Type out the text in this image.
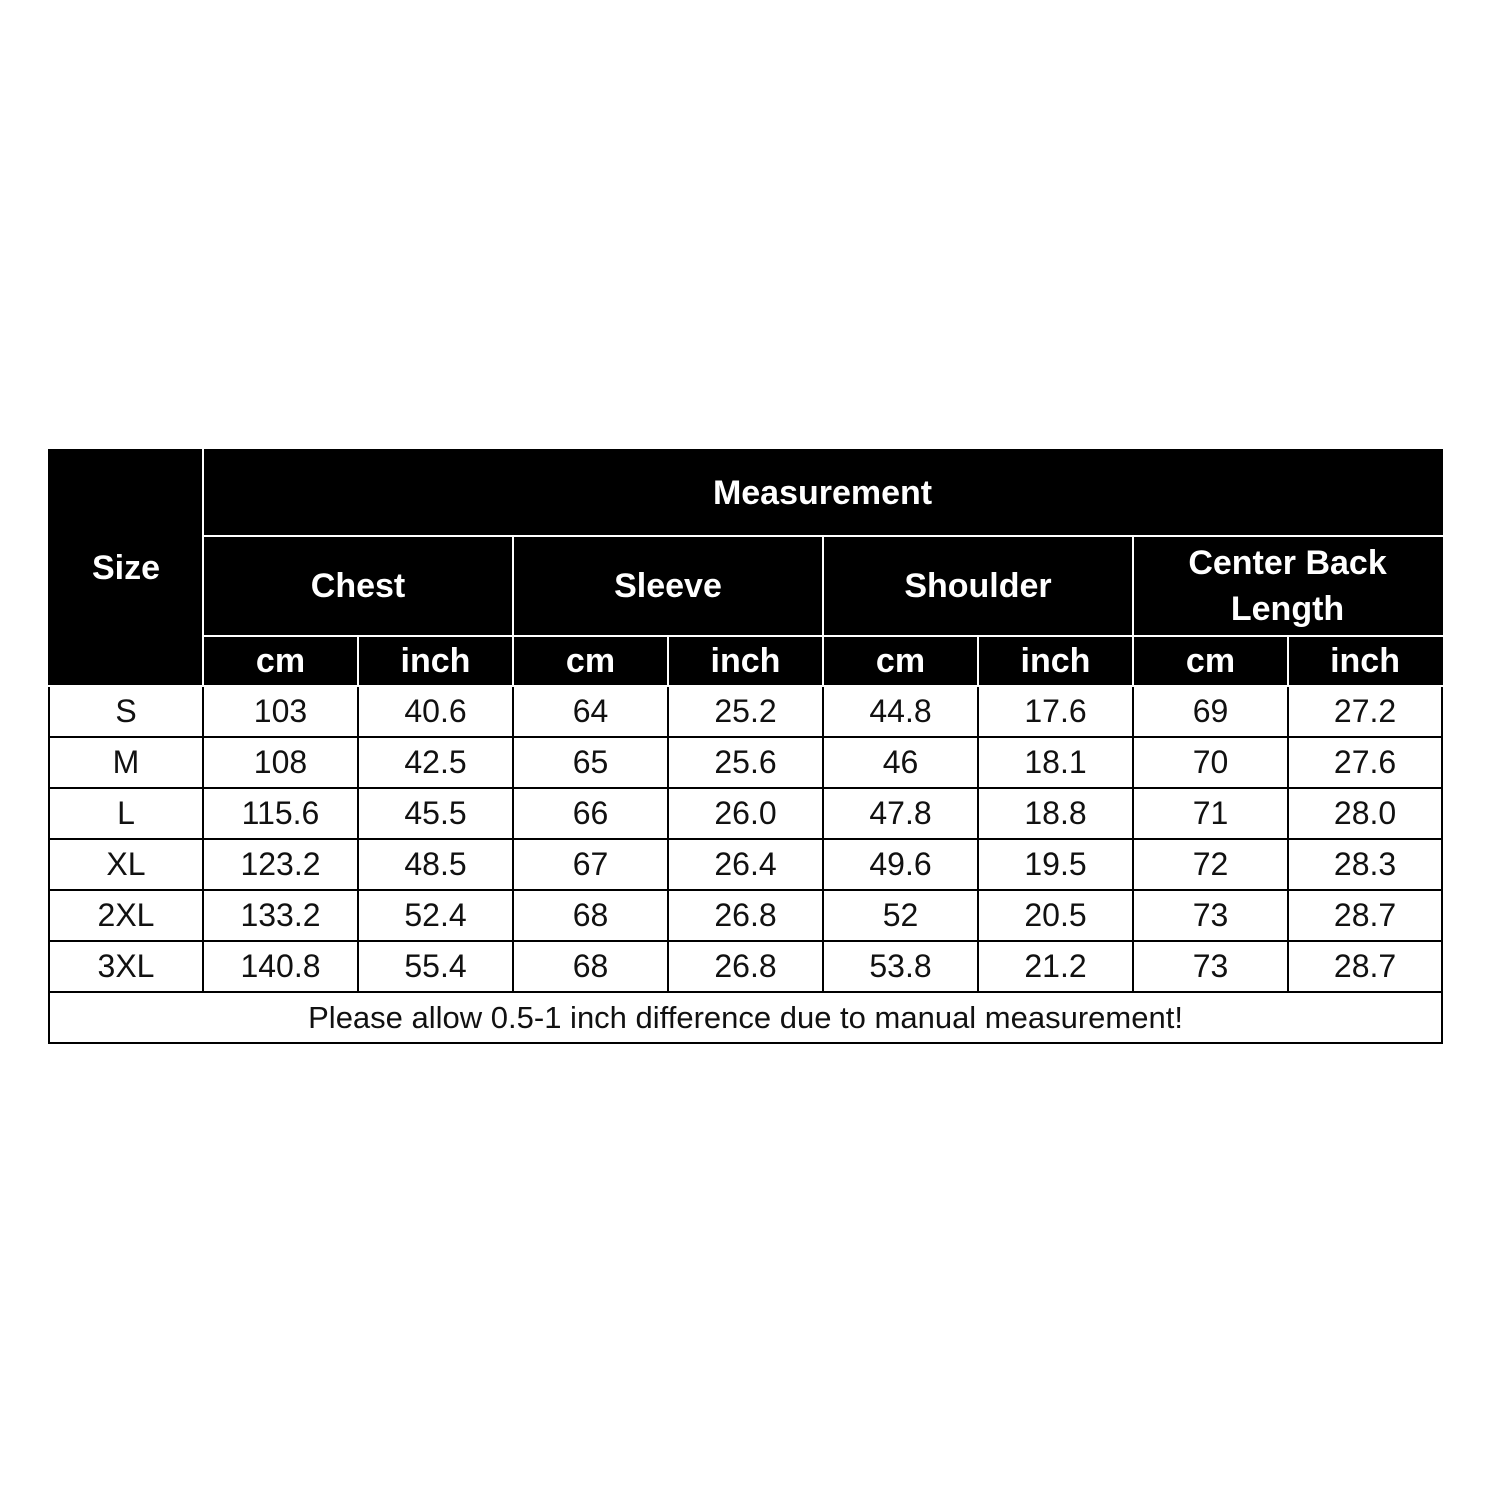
Size	Measurement							
	Chest		Sleeve		Shoulder		Center Back Length	
	cm	inch	cm	inch	cm	inch	cm	inch
S	103	40.6	64	25.2	44.8	17.6	69	27.2
M	108	42.5	65	25.6	46	18.1	70	27.6
L	115.6	45.5	66	26.0	47.8	18.8	71	28.0
XL	123.2	48.5	67	26.4	49.6	19.5	72	28.3
2XL	133.2	52.4	68	26.8	52	20.5	73	28.7
3XL	140.8	55.4	68	26.8	53.8	21.2	73	28.7
Please allow 0.5-1 inch difference due to manual measurement!								
